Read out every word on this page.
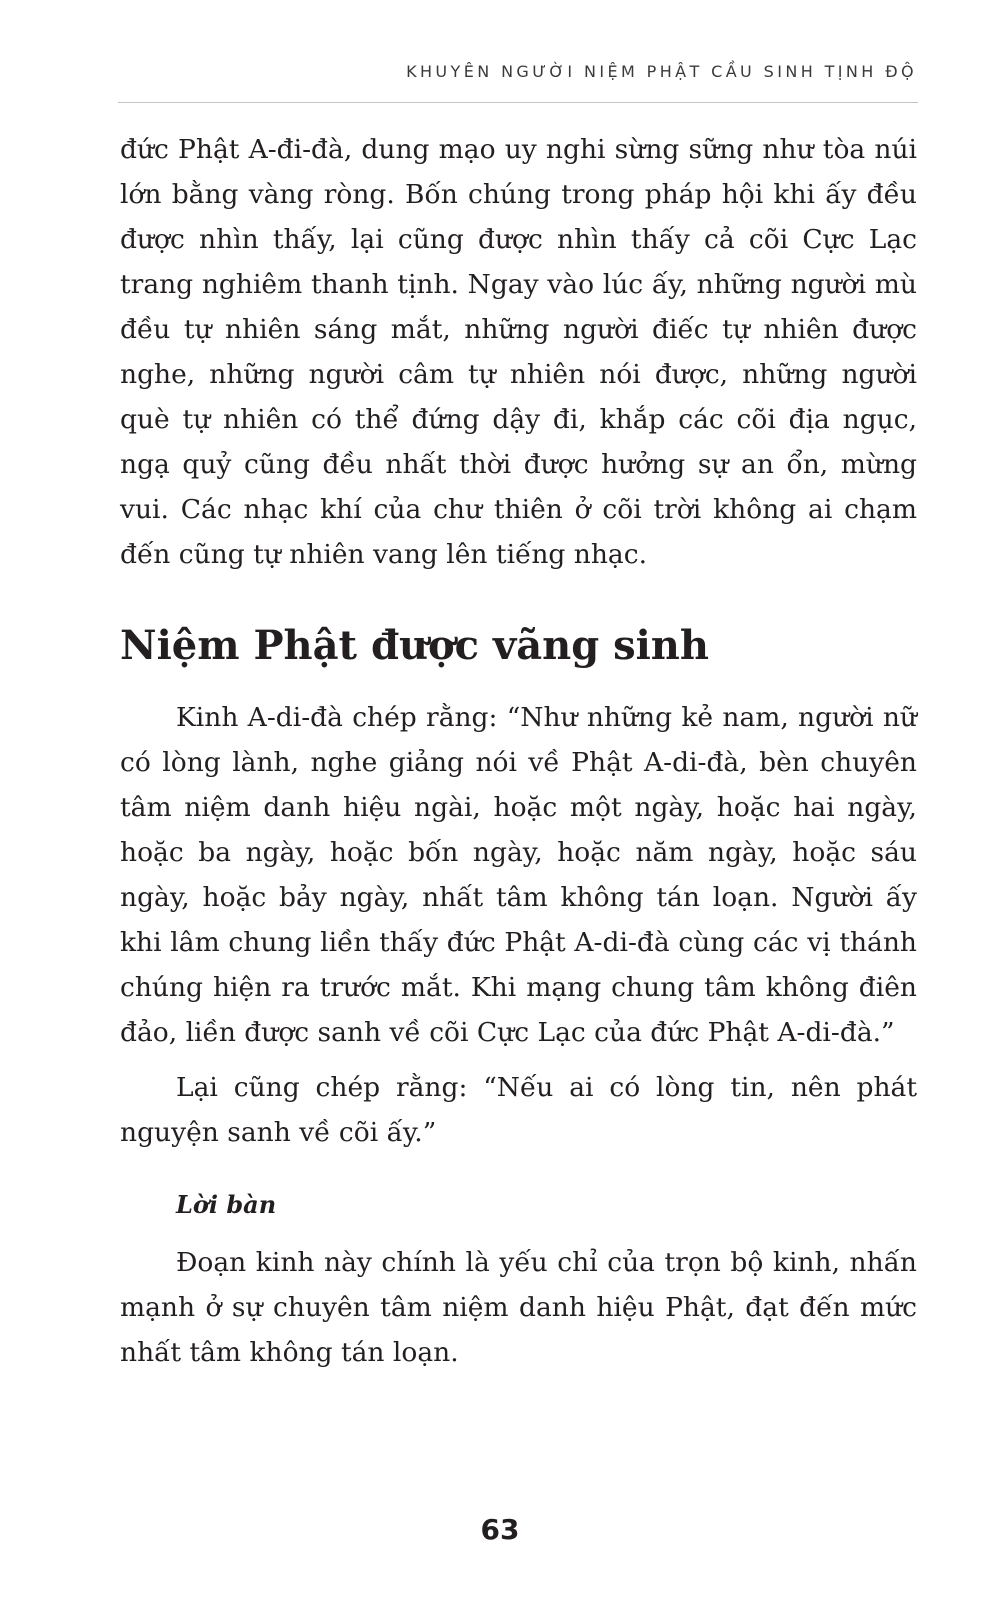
KHUYÊN NGƯỜI NIỆM PHẬT CẦU SINH TỊNH ĐỘ

đức Phật A-đi-đà, dung mạo uy nghi sừng sững như tòa núi lớn bằng vàng ròng. Bốn chúng trong pháp hội khi ấy đều được nhìn thấy, lại cũng được nhìn thấy cả cõi Cực Lạc trang nghiêm thanh tịnh. Ngay vào lúc ấy, những người mù đều tự nhiên sáng mắt, những người điếc tự nhiên được nghe, những người câm tự nhiên nói được, những người què tự nhiên có thể đứng dậy đi, khắp các cõi địa ngục, ngạ quỷ cũng đều nhất thời được hưởng sự an ổn, mừng vui. Các nhạc khí của chư thiên ở cõi trời không ai chạm đến cũng tự nhiên vang lên tiếng nhạc.

Niệm Phật được vãng sinh

Kinh A-di-đà chép rằng: “Như những kẻ nam, người nữ có lòng lành, nghe giảng nói về Phật A-di-đà, bèn chuyên tâm niệm danh hiệu ngài, hoặc một ngày, hoặc hai ngày, hoặc ba ngày, hoặc bốn ngày, hoặc năm ngày, hoặc sáu ngày, hoặc bảy ngày, nhất tâm không tán loạn. Người ấy khi lâm chung liền thấy đức Phật A-di-đà cùng các vị thánh chúng hiện ra trước mắt. Khi mạng chung tâm không điên đảo, liền được sanh về cõi Cực Lạc của đức Phật A-di-đà.”

Lại cũng chép rằng: “Nếu ai có lòng tin, nên phát nguyện sanh về cõi ấy.”

Lời bàn

Đoạn kinh này chính là yếu chỉ của trọn bộ kinh, nhấn mạnh ở sự chuyên tâm niệm danh hiệu Phật, đạt đến mức nhất tâm không tán loạn.

63
